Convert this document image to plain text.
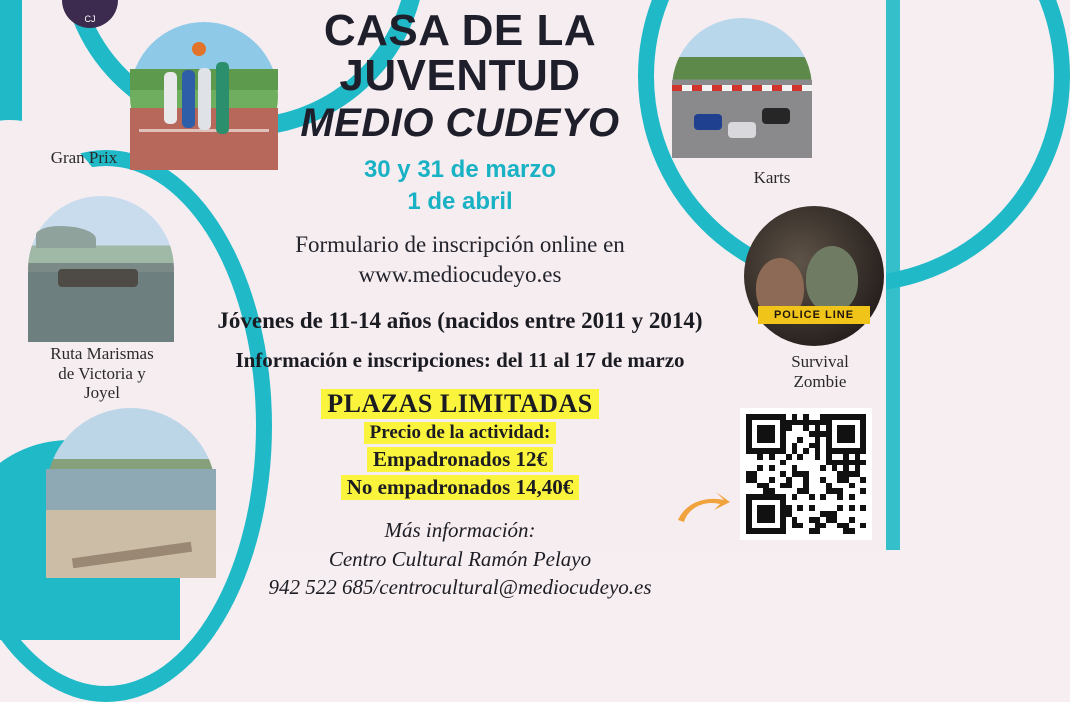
CJ
Gran Prix
Karts
Ruta Marismas
de Victoria y
Joyel
POLICE LINE
Survival
Zombie
CASA DE LA
JUVENTUD
MEDIO CUDEYO
30 y 31 de marzo
1 de abril
Formulario de inscripción online en
www.mediocudeyo.es
Jóvenes de 11-14 años (nacidos entre 2011 y 2014)
Información e inscripciones: del 11 al 17 de marzo
PLAZAS LIMITADAS
Precio de la actividad:
Empadronados 12€
No empadronados 14,40€
Más información:
Centro Cultural Ramón Pelayo
942 522 685/centrocultural@mediocudeyo.es
